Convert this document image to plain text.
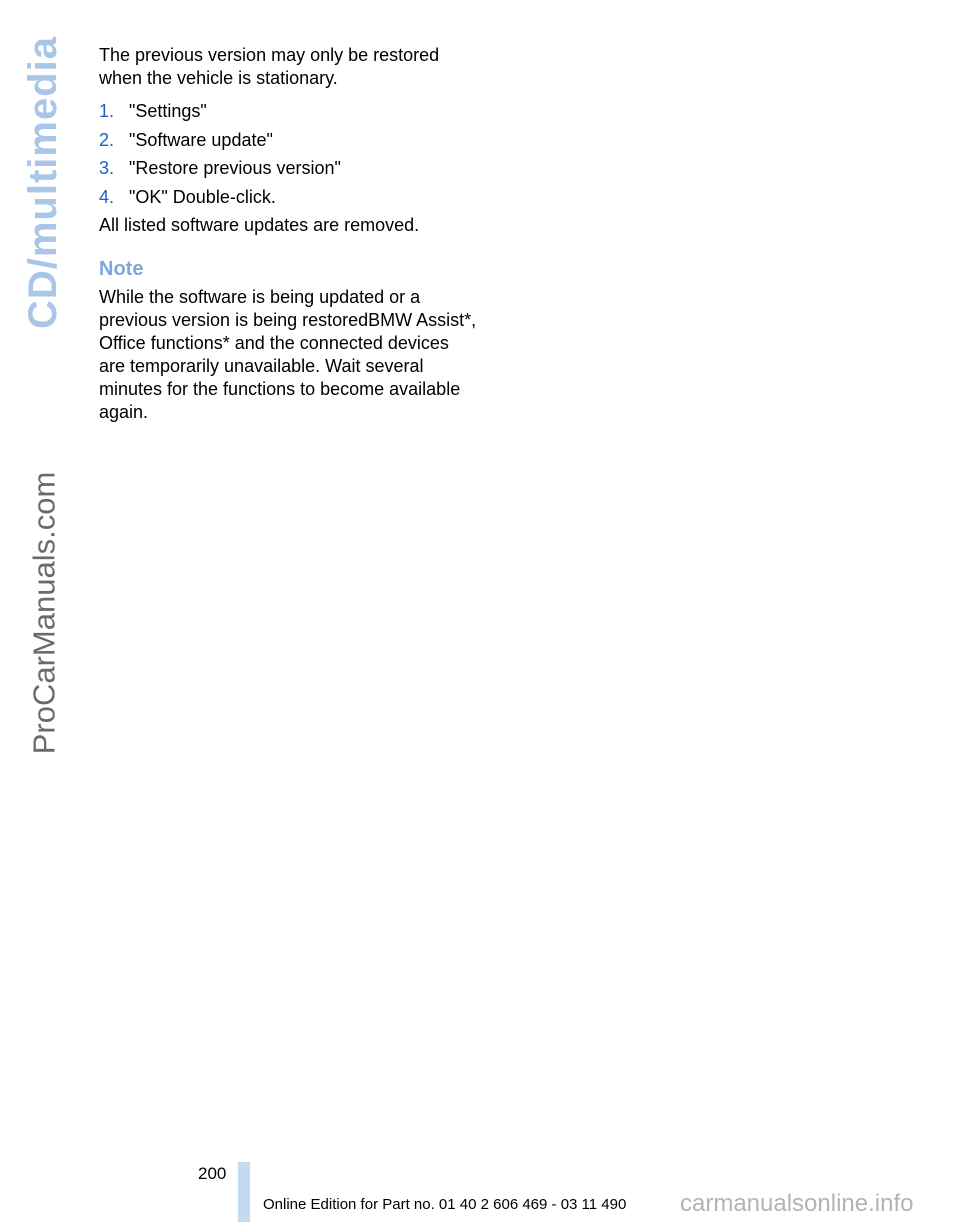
CD/multimedia
ProCarManuals.com

The previous version may only be restored when the vehicle is stationary.

1. "Settings"
2. "Software update"
3. "Restore previous version"
4. "OK" Double-click.

All listed software updates are removed.

Note

While the software is being updated or a previous version is being restoredBMW Assist*, Office functions* and the connected devices are temporarily unavailable. Wait several minutes for the functions to become available again.

200
Online Edition for Part no. 01 40 2 606 469 - 03 11 490 carmanualsonline.info
